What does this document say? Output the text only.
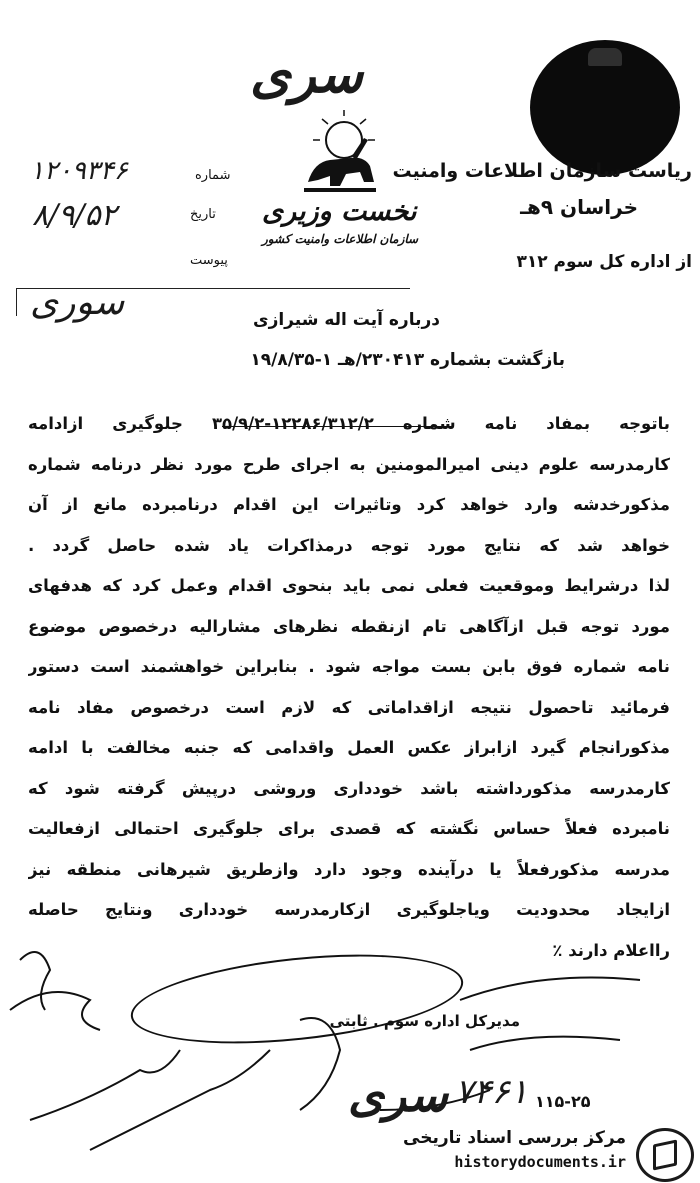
سری
ریاست سازمان اطلاعات وامنیت
خراسان ۹هـ
از اداره کل سوم ۳۱۲
نخست وزیری
سازمان اطلاعات وامنیت کشور
شماره
۱۲۰۹۳۴۶
تاریخ
۸/۹/۵۲
پیوست
سوری	درباره آیت اله شیرازی
بازگشت بشماره ۲۳۰۴۱۳/هـ ۱-۱۹/۸/۳۵
باتوجه بمفاد نامه شماره ۱۲۲۸۶/۳۱۲/۲-۳۵/۹/۲ جلوگیری ازادامه
کارمدرسه علوم دینی امیرالمومنین به اجرای طرح مورد نظر درنامه شماره
مذکورخدشه وارد خواهد کرد وتاثیرات این اقدام درنامبرده مانع از آن
خواهد شد که نتایج مورد توجه درمذاکرات یاد شده حاصل گردد .
لذا درشرایط وموقعیت فعلی نمی باید بنحوی اقدام وعمل کرد که هدفهای
مورد توجه قبل ازآگاهی تام ازنقطه نظرهای مشارالیه درخصوص موضوع
نامه شماره فوق بابن بست مواجه شود . بنابراین خواهشمند است دستور
فرمائید تاحصول نتیجه ازاقداماتی که لازم است درخصوص مفاد نامه
مذکورانجام گیرد ازابراز عکس العمل واقدامی که جنبه مخالفت با ادامه
کارمدرسه مذکورداشته باشد خودداری وروشی درپیش گرفته شود که
نامبرده فعلاً حساس نگشته که قصدی برای جلوگیری احتمالی ازفعالیت
مدرسه مذکورفعلاً یا درآینده وجود دارد وازطریق شیرهانی منطقه نیز
ازایجاد محدودیت ویاجلوگیری ازکارمدرسه خودداری ونتایج حاصله
رااعلام دارند ٪
مدیرکل اداره سوم . ثابتی
سری ۷۴۶۱ ۱۱۵-۲۵
مرکز بررسی اسناد تاریخی
historydocuments.ir
